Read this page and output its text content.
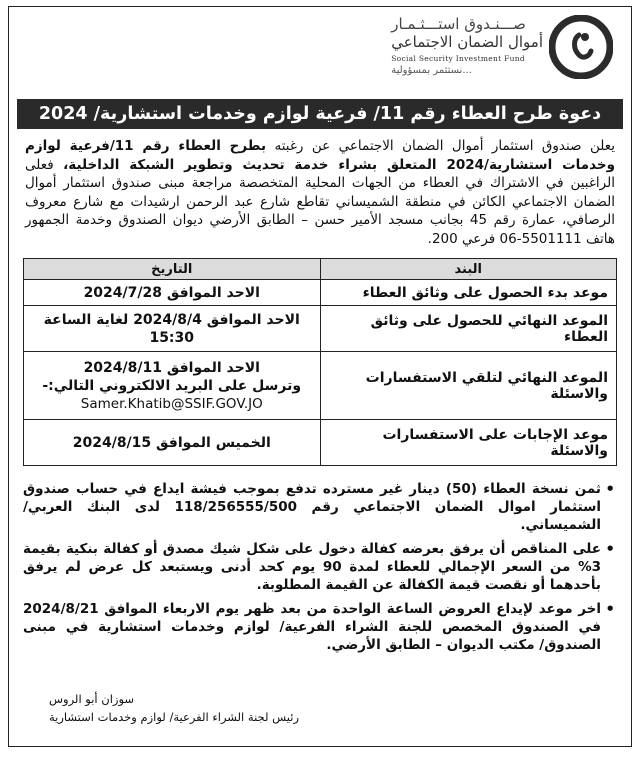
صـــنـدوق استـــثـمـار
أموال الضمان الاجتماعي
Social Security Investment Fund
...نستثمر بمسؤولية
دعوة طرح العطاء رقم 11/ فرعية لوازم وخدمات استشارية/ 2024

يعلن صندوق استثمار أموال الضمان الاجتماعي عن رغبته بطرح العطاء رقم 11/فرعية لوازم وخدمات استشارية/2024 المتعلق بشراء خدمة تحديث وتطوير الشبكة الداخلية، فعلى الراغبين في الاشتراك في العطاء من الجهات المحلية المتخصصة مراجعة مبنى صندوق استثمار أموال الضمان الاجتماعي الكائن في منطقة الشميساني تقاطع شارع عبد الرحمن ارشيدات مع شارع معروف الرصافي، عمارة رقم 45 بجانب مسجد الأمير حسن – الطابق الأرضي ديوان الصندوق وخدمة الجمهور هاتف 5501111-06 فرعي 200.

البند	التاريخ
موعد بدء الحصول على وثائق العطاء	الاحد الموافق 2024/7/28
الموعد النهائي للحصول على وثائق العطاء	الاحد الموافق 2024/8/4 لغاية الساعة 15:30
الموعد النهائي لتلقي الاستفسارات والاسئلة	الاحد الموافق 2024/8/11
وترسل على البريد الالكتروني التالي:-
Samer.Khatib@SSIF.GOV.JO
موعد الإجابات على الاستفسارات والاسئلة	الخميس الموافق 2024/8/15
• ثمن نسخة العطاء (50) دينار غير مسترده تدفع بموجب فيشة ايداع في حساب صندوق استثمار اموال الضمان الاجتماعي رقم 118/256555/500 لدى البنك العربي/ الشميساني.
• على المناقص أن يرفق بعرضه كفالة دخول على شكل شيك مصدق أو كفالة بنكية بقيمة 3% من السعر الإجمالي للعطاء لمدة 90 يوم كحد أدنى ويستبعد كل عرض لم يرفق بأحدهما أو نقصت قيمة الكفالة عن القيمة المطلوبة.
• اخر موعد لإيداع العروض الساعة الواحدة من بعد ظهر يوم الاربعاء الموافق 2024/8/21 في الصندوق المخصص للجنة الشراء الفرعية/ لوازم وخدمات استشارية في مبنى الصندوق/ مكتب الديوان – الطابق الأرضي.
سوزان أبو الروس
رئيس لجنة الشراء الفرعية/ لوازم وخدمات استشارية
